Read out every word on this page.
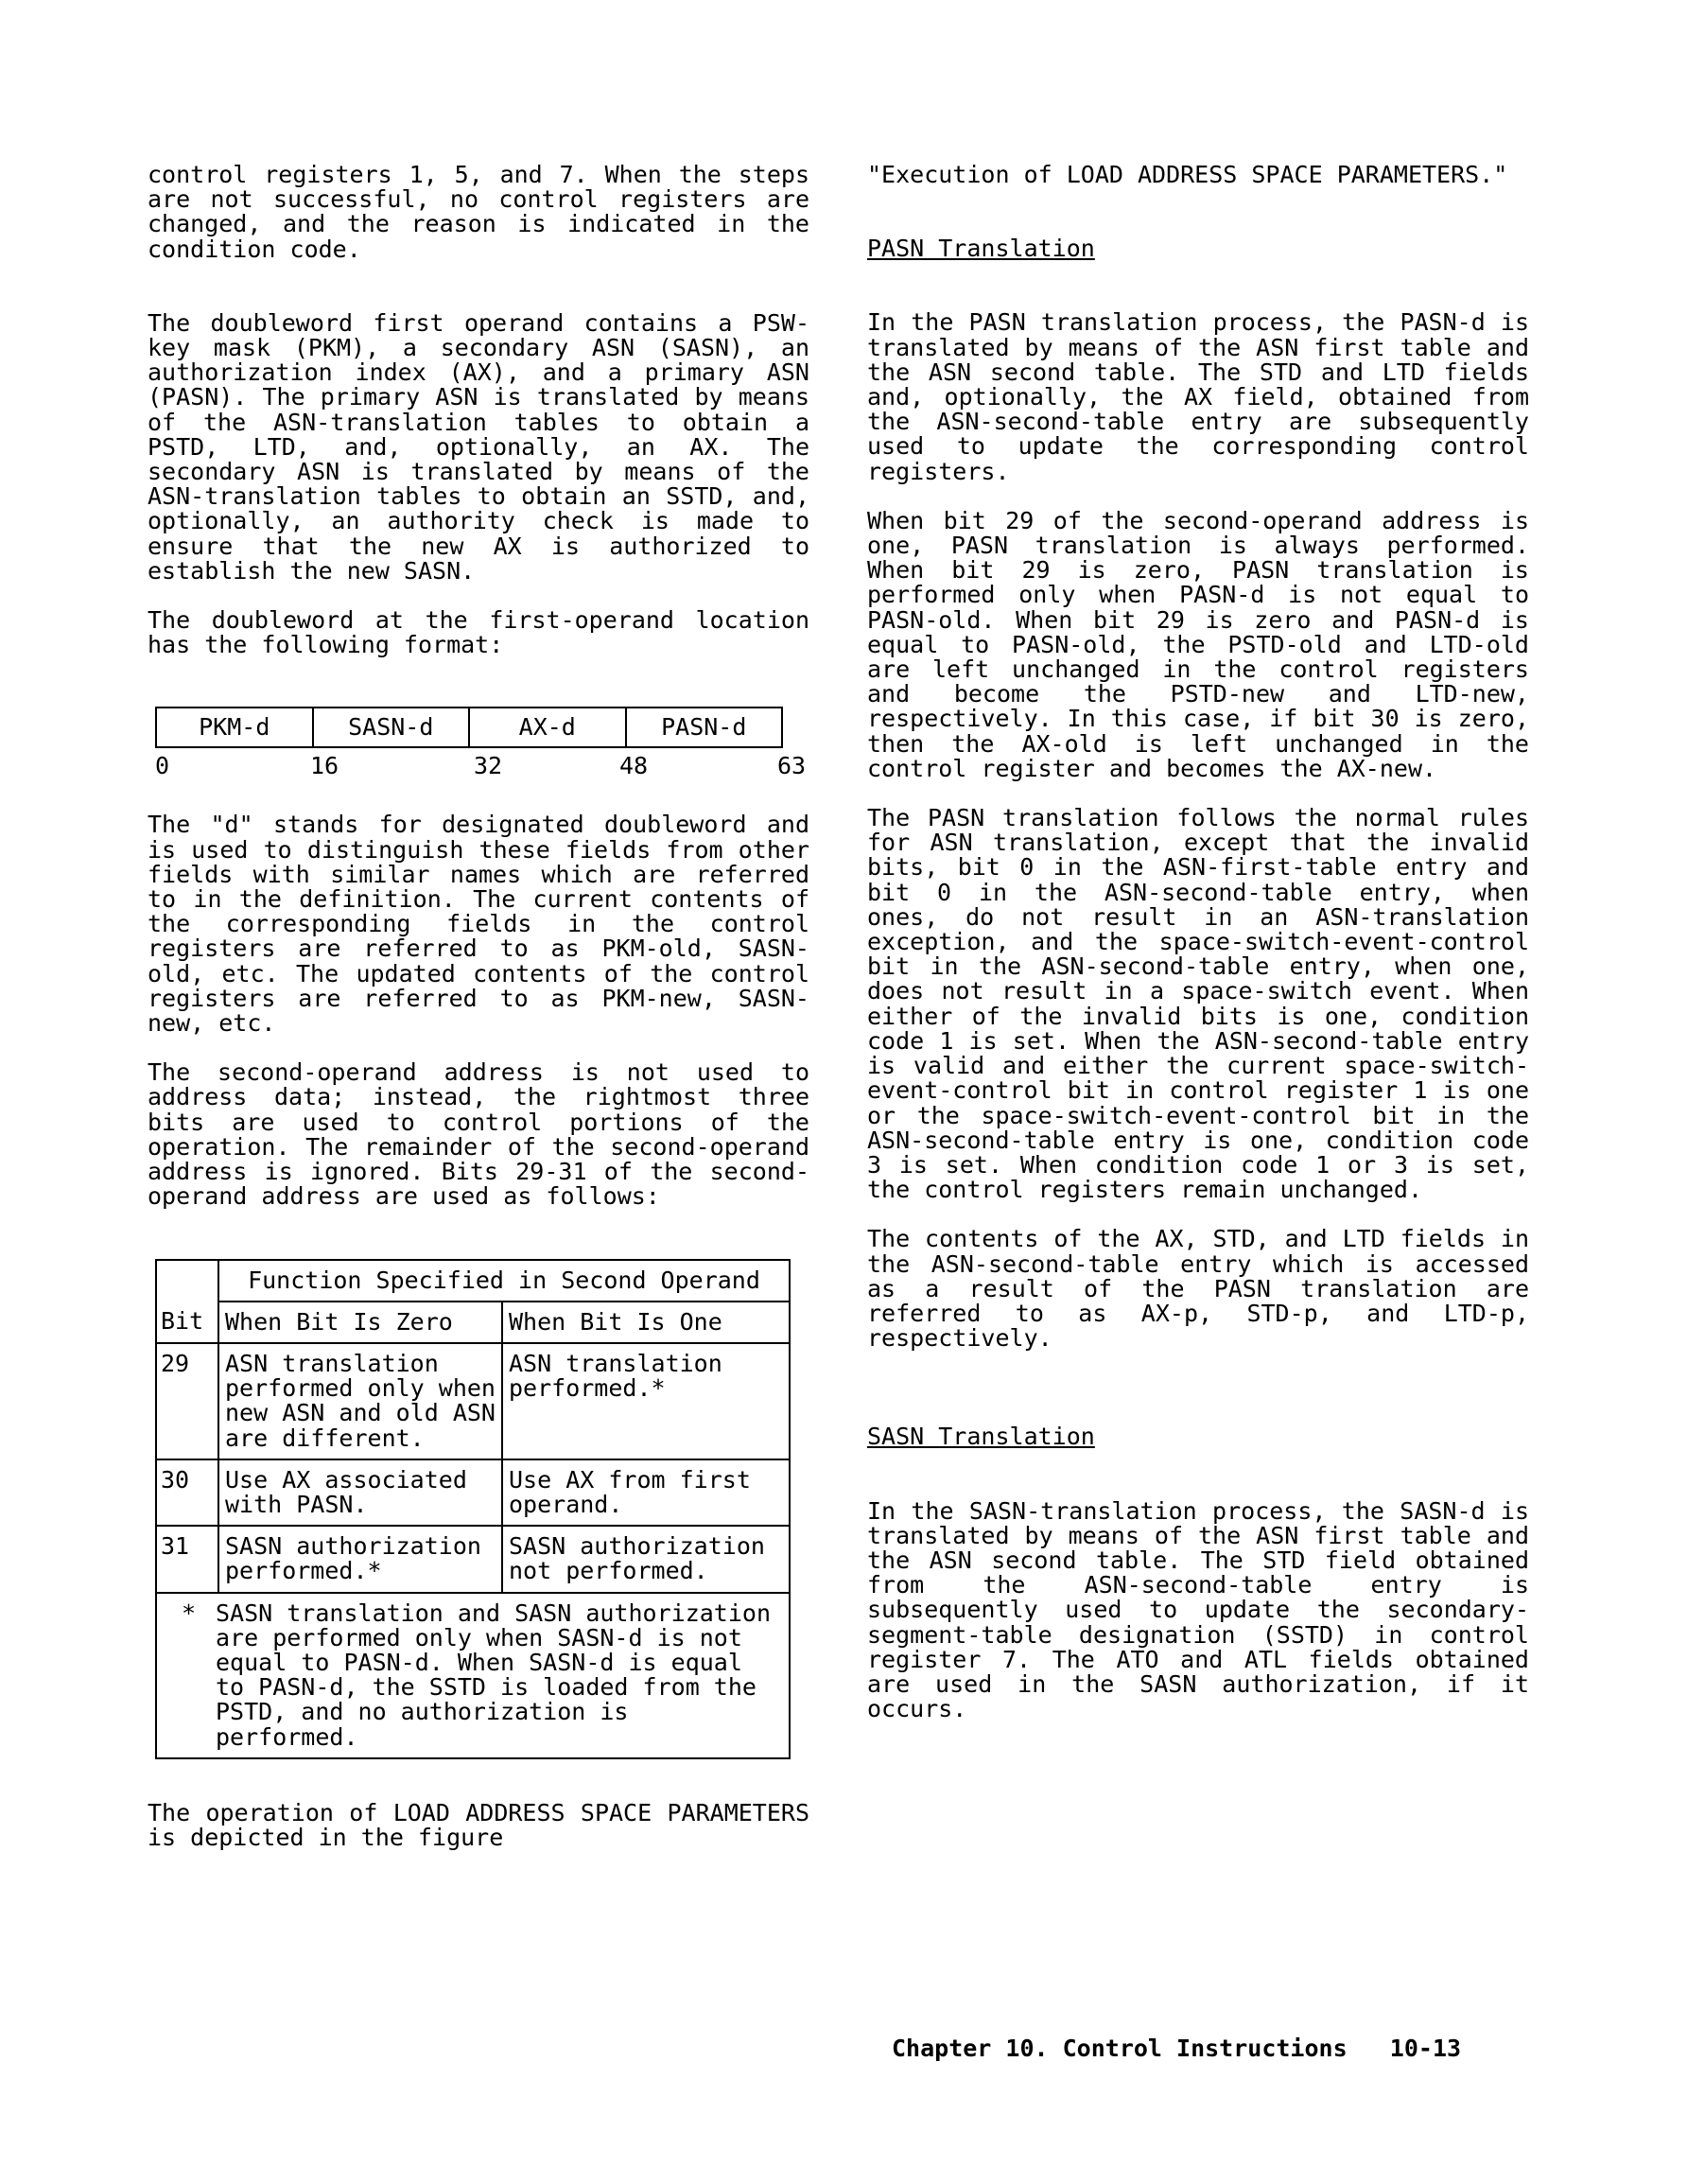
control registers 1, 5, and 7. When the steps are not successful, no control registers are changed, and the reason is indicated in the condition code.

The doubleword first operand contains a PSW-key mask (PKM), a secondary ASN (SASN), an authorization index (AX), and a primary ASN (PASN). The primary ASN is translated by means of the ASN-translation tables to obtain a PSTD, LTD, and, optionally, an AX. The secondary ASN is translated by means of the ASN-translation tables to obtain an SSTD, and, optionally, an authority check is made to ensure that the new AX is authorized to establish the new SASN.

The doubleword at the first-operand location has the following format:

PKM-d	SASN-d	AX-d	PASN-d
0	16	32	48	63

The "d" stands for designated doubleword and is used to distinguish these fields from other fields with similar names which are referred to in the definition. The current contents of the corresponding fields in the control registers are referred to as PKM-old, SASN-old, etc. The updated contents of the control registers are referred to as PKM-new, SASN-new, etc.

The second-operand address is not used to address data; instead, the rightmost three bits are used to control portions of the operation. The remainder of the second-operand address is ignored. Bits 29-31 of the second-operand address are used as follows:

	Function Specified in Second Operand	
Bit	When Bit Is Zero	When Bit Is One
29	ASN translation performed only when new ASN and old ASN are different.	ASN translation performed.*
30	Use AX associated with PASN.	Use AX from first operand.
31	SASN authorization performed.*	SASN authorization not performed.

* SASN translation and SASN authorization are performed only when SASN-d is not equal to PASN-d. When SASN-d is equal to PASN-d, the SSTD is loaded from the PSTD, and no authorization is performed.		

The operation of LOAD ADDRESS SPACE PARAMETERS is depicted in the figure

"Execution of LOAD ADDRESS SPACE PARAMETERS."

PASN Translation

In the PASN translation process, the PASN-d is translated by means of the ASN first table and the ASN second table. The STD and LTD fields and, optionally, the AX field, obtained from the ASN-second-table entry are subsequently used to update the corresponding control registers.

When bit 29 of the second-operand address is one, PASN translation is always performed. When bit 29 is zero, PASN translation is performed only when PASN-d is not equal to PASN-old. When bit 29 is zero and PASN-d is equal to PASN-old, the PSTD-old and LTD-old are left unchanged in the control registers and become the PSTD-new and LTD-new, respectively. In this case, if bit 30 is zero, then the AX-old is left unchanged in the control register and becomes the AX-new.

The PASN translation follows the normal rules for ASN translation, except that the invalid bits, bit 0 in the ASN-first-table entry and bit 0 in the ASN-second-table entry, when ones, do not result in an ASN-translation exception, and the space-switch-event-control bit in the ASN-second-table entry, when one, does not result in a space-switch event. When either of the invalid bits is one, condition code 1 is set. When the ASN-second-table entry is valid and either the current space-switch-event-control bit in control register 1 is one or the space-switch-event-control bit in the ASN-second-table entry is one, condition code 3 is set. When condition code 1 or 3 is set, the control registers remain unchanged.

The contents of the AX, STD, and LTD fields in the ASN-second-table entry which is accessed as a result of the PASN translation are referred to as AX-p, STD-p, and LTD-p, respectively.

SASN Translation

In the SASN-translation process, the SASN-d is translated by means of the ASN first table and the ASN second table. The STD field obtained from the ASN-second-table entry is subsequently used to update the secondary-segment-table designation (SSTD) in control register 7. The ATO and ATL fields obtained are used in the SASN authorization, if it occurs.

Chapter 10. Control Instructions   10-13
